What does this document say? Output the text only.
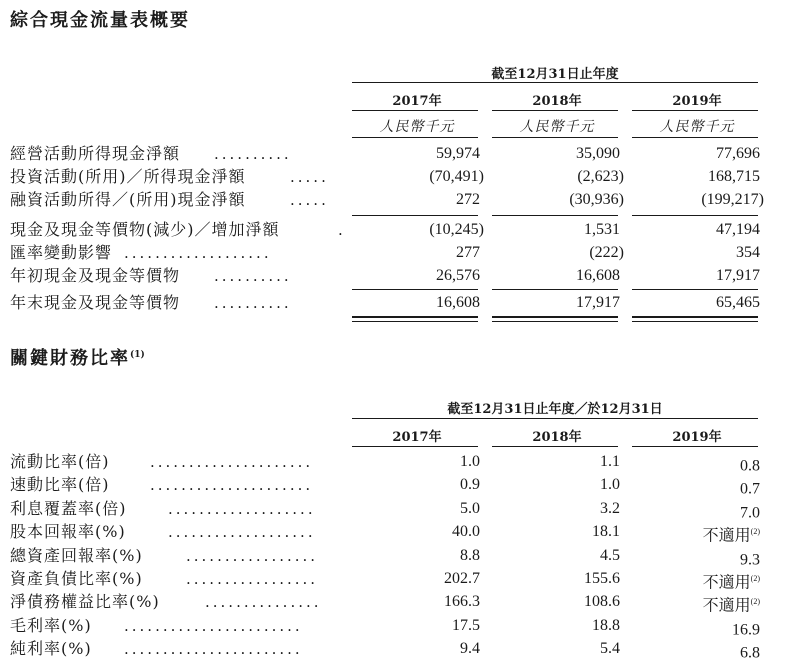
綜合現金流量表概要
截至12月31日止年度
2017年	2018年	2019年
人民幣千元	人民幣千元	人民幣千元
經營活動所得現金淨額 ..........	59,974	35,090	77,696
投資活動(所用)／所得現金淨額	.....	(70,491)	(2,623)	168,715
融資活動所得／(所用)現金淨額	.....	272	(30,936)	(199,217)
現金及現金等價物(減少)／增加淨額	.	(10,245)	1,531	47,194
匯率變動影響 ...................	277	(222)	354
年初現金及現金等價物 ..........	26,576	16,608	17,917
年末現金及現金等價物 ..........	16,608	17,917	65,465
關鍵財務比率$^{(1)}$
截至12月31日止年度／於12月31日
2017年	2018年	2019年
流動比率(倍)	.....................	1.0	1.1	0.8
速動比率(倍)	.....................	0.9	1.0	0.7
利息覆蓋率(倍)	...................	5.0	3.2	7.0
股本回報率(%)	...................	40.0	18.1	不適用$^{(2)}$
總資產回報率(%)	.................	8.8	4.5	9.3
資產負債比率(%)	.................	202.7	155.6	不適用$^{(2)}$
淨債務權益比率(%)	...............	166.3	108.6	不適用$^{(2)}$
毛利率(%) .......................	17.5	18.8	16.9
純利率(%) .......................	9.4	5.4	6.8
